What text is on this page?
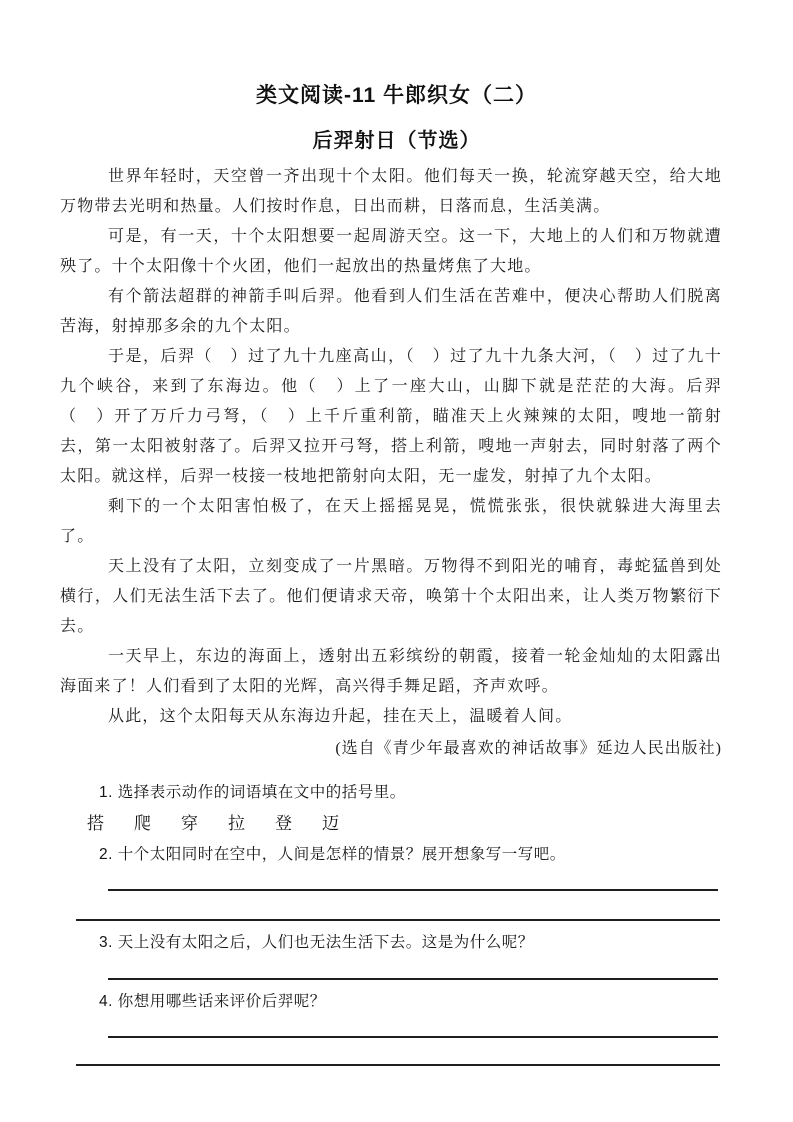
类文阅读-11 牛郎织女（二）
后羿射日（节选）

世界年轻时，天空曾一齐出现十个太阳。他们每天一换，轮流穿越天空，给大地万物带去光明和热量。人们按时作息，日出而耕，日落而息，生活美满。

可是，有一天，十个太阳想要一起周游天空。这一下，大地上的人们和万物就遭殃了。十个太阳像十个火团，他们一起放出的热量烤焦了大地。

有个箭法超群的神箭手叫后羿。他看到人们生活在苦难中，便决心帮助人们脱离苦海，射掉那多余的九个太阳。

于是，后羿（　）过了九十九座高山，（　）过了九十九条大河，（　）过了九十九个峡谷，来到了东海边。他（　）上了一座大山，山脚下就是茫茫的大海。后羿（　）开了万斤力弓弩，（　）上千斤重利箭，瞄准天上火辣辣的太阳，嗖地一箭射去，第一太阳被射落了。后羿又拉开弓弩，搭上利箭，嗖地一声射去，同时射落了两个太阳。就这样，后羿一枝接一枝地把箭射向太阳，无一虚发，射掉了九个太阳。

剩下的一个太阳害怕极了，在天上摇摇晃晃，慌慌张张，很快就躲进大海里去了。

天上没有了太阳，立刻变成了一片黑暗。万物得不到阳光的哺育，毒蛇猛兽到处横行，人们无法生活下去了。他们便请求天帝，唤第十个太阳出来，让人类万物繁衍下去。

一天早上，东边的海面上，透射出五彩缤纷的朝霞，接着一轮金灿灿的太阳露出海面来了！人们看到了太阳的光辉，高兴得手舞足蹈，齐声欢呼。

从此，这个太阳每天从东海边升起，挂在天上，温暖着人间。

(选自《青少年最喜欢的神话故事》延边人民出版社)
1. 选择表示动作的词语填在文中的括号里。
搭 爬 穿 拉 登 迈
2. 十个太阳同时在空中，人间是怎样的情景？展开想象写一写吧。
3. 天上没有太阳之后，人们也无法生活下去。这是为什么呢？
4. 你想用哪些话来评价后羿呢？
